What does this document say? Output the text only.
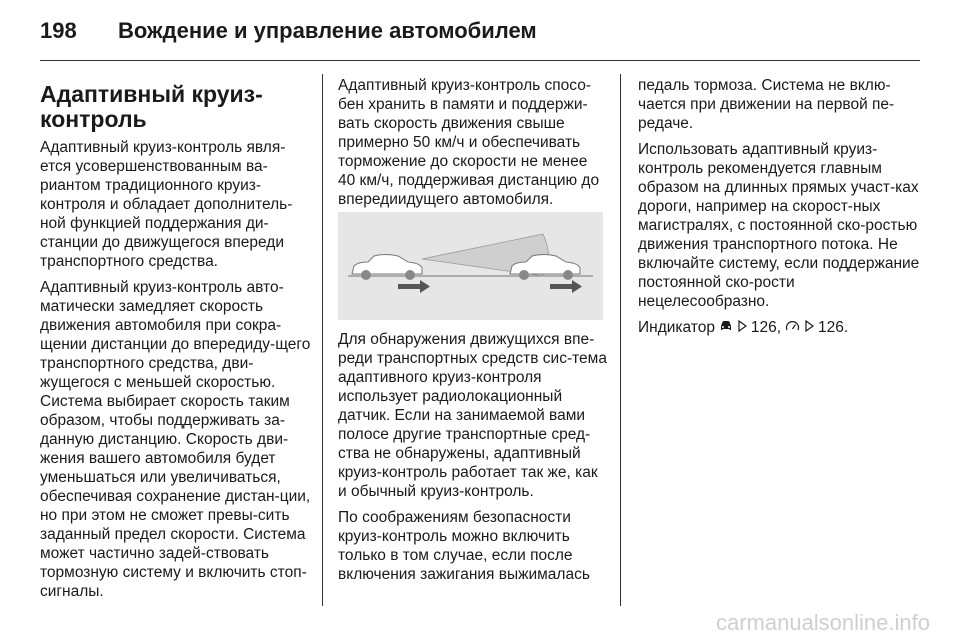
198 Вождение и управление автомобилем
Адаптивный круиз-
контроль

Адаптивный круиз-контроль явля-ется усовершенствованным ва-риантом традиционного круиз-контроля и обладает дополнитель-ной функцией поддержания ди-станции до движущегося впереди транспортного средства.

Адаптивный круиз-контроль авто-матически замедляет скорость движения автомобиля при сокра-щении дистанции до впередиду-щего транспортного средства, дви-жущегося с меньшей скоростью. Система выбирает скорость таким образом, чтобы поддерживать за-данную дистанцию. Скорость дви-жения вашего автомобиля будет уменьшаться или увеличиваться, обеспечивая сохранение дистан-ции, но при этом не сможет превы-сить заданный предел скорости. Система может частично задей-ствовать тормозную систему и включить стоп-сигналы.

Адаптивный круиз-контроль спосо-бен хранить в памяти и поддержи-вать скорость движения свыше примерно 50 км/ч и обеспечивать торможение до скорости не менее 40 км/ч, поддерживая дистанцию до впередиидущего автомобиля.

Для обнаружения движущихся впе-реди транспортных средств сис-тема адаптивного круиз-контроля использует радиолокационный датчик. Если на занимаемой вами полосе другие транспортные сред-ства не обнаружены, адаптивный круиз-контроль работает так же, как и обычный круиз-контроль.

По соображениям безопасности круиз-контроль можно включить только в том случае, если после включения зажигания выжималась

педаль тормоза. Система не вклю-чается при движении на первой пе-редаче.

Использовать адаптивный круиз-контроль рекомендуется главным образом на длинных прямых участ-ках дороги, например на скорост-ных магистралях, с постоянной ско-ростью движения транспортного потока. Не включайте систему, если поддержание постоянной ско-рости нецелесообразно.

Индикатор 126, 126.

carmanualsonline.info
